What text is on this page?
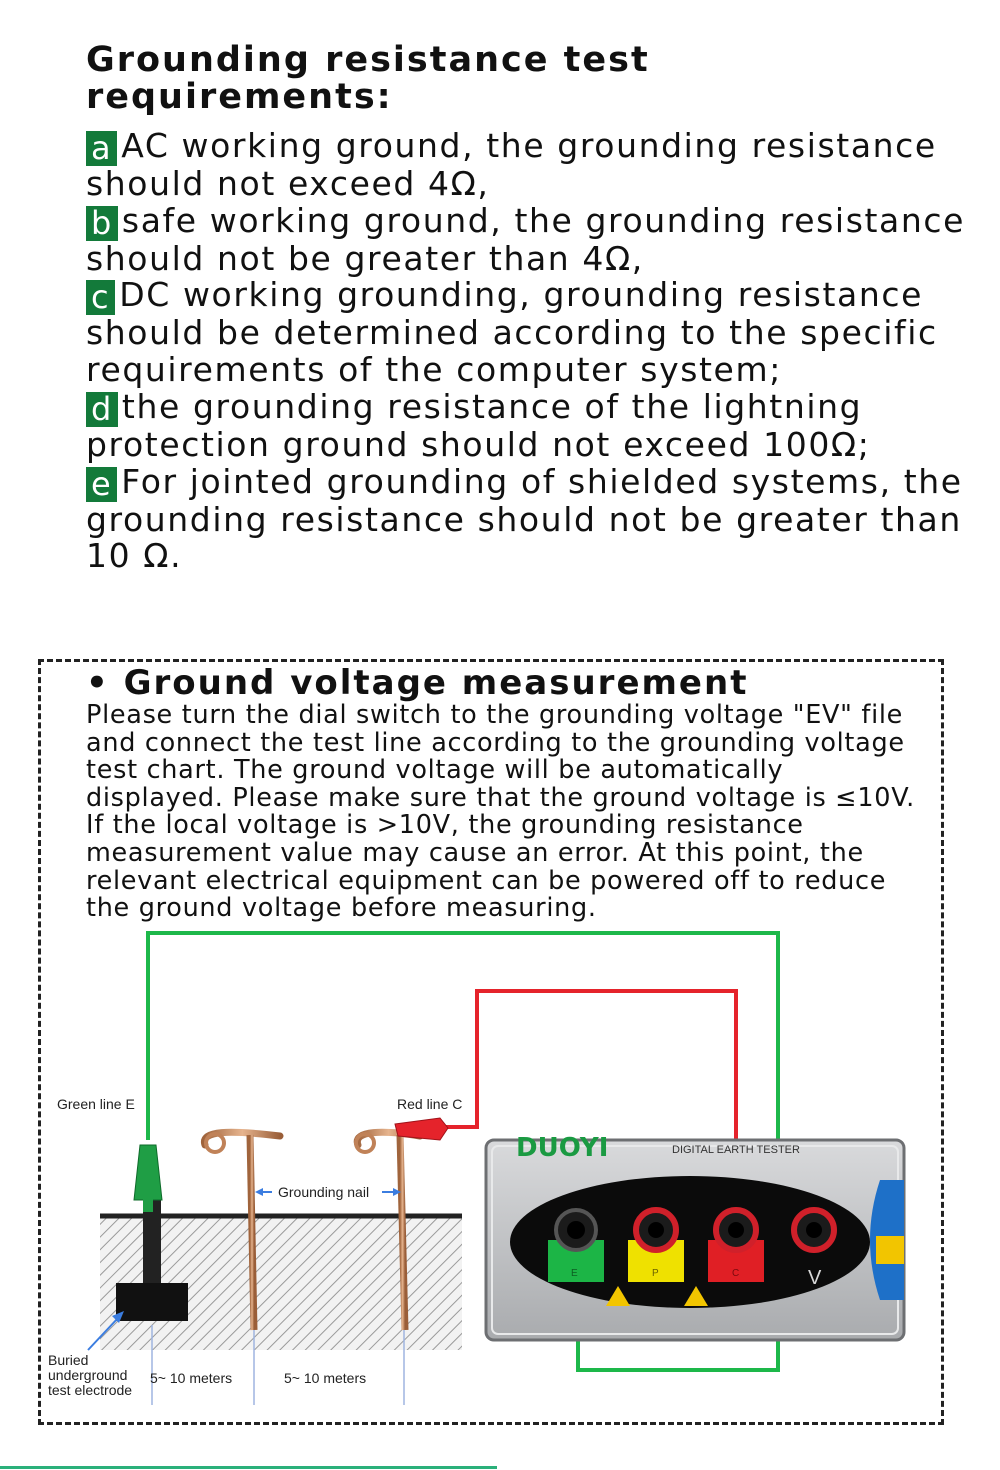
Grounding resistance test requirements:
a AC working ground, the grounding resistance should not exceed 4Ω,
b safe working ground, the grounding resistance should not be greater than 4Ω,
c DC working grounding, grounding resistance should be determined according to the specific requirements of the computer system;
d the grounding resistance of the lightning protection ground should not exceed 100Ω;
e For jointed grounding of shielded systems, the grounding resistance should not be greater than 10 Ω.
• Ground voltage measurement
Please turn the dial switch to the grounding voltage "EV" file and connect the test line according to the grounding voltage test chart. The ground voltage will be automatically displayed. Please make sure that the ground voltage is ≤10V. If the local voltage is >10V, the grounding resistance measurement value may cause an error. At this point, the relevant electrical equipment can be powered off to reduce the ground voltage before measuring.
DUOYI	DIGITAL EARTH TESTER
E	P	C	V
Green line E	Red line C
Grounding nail
Buried
underground
test electrode
5~ 10 meters	5~ 10 meters
